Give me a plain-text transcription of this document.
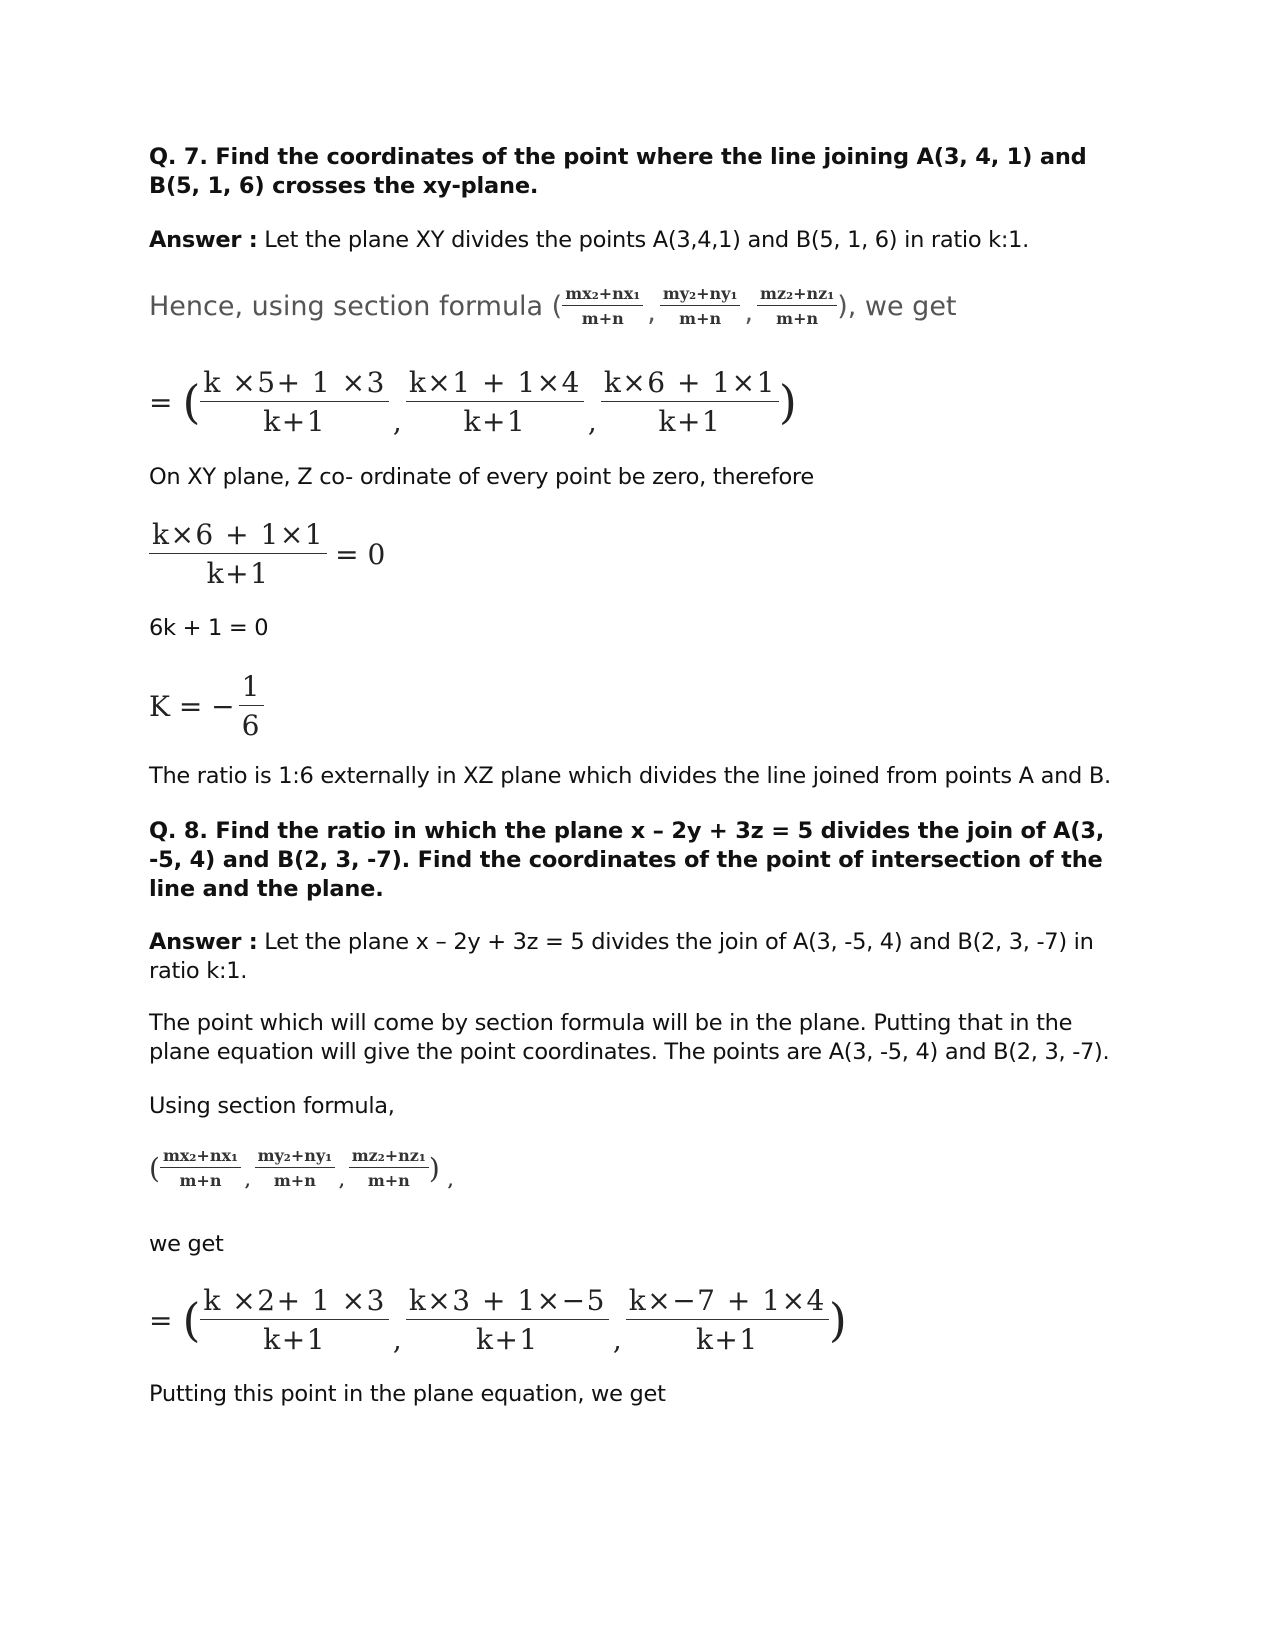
Q. 7. Find the coordinates of the point where the line joining A(3, 4, 1) and B(5, 1, 6) crosses the xy-plane.
Answer : Let the plane XY divides the points A(3,4,1) and B(5, 1, 6) in ratio k:1.
Hence, using section formula ( $\frac{\text{mx₂+nx₁}}{m+n}$ , $\frac{\text{my₂+ny₁}}{m+n}$ , $\frac{\text{mz₂+nz₁}}{m+n}$ ), we get
= ( $\frac{k \times 5+ 1 \times 3}{k+1}$ , $\frac{k\times 1 + 1\times 4}{k+1}$ , $\frac{k\times 6 + 1\times 1}{k+1}$ )
On XY plane, Z co- ordinate of every point be zero, therefore
$\frac{k\times 6 + 1\times 1}{k+1} = 0$
6k + 1 = 0
K = − $\frac{1}{6}$
The ratio is 1:6 externally in XZ plane which divides the line joined from points A and B.
Q. 8. Find the ratio in which the plane x – 2y + 3z = 5 divides the join of A(3, -5, 4) and B(2, 3, -7). Find the coordinates of the point of intersection of the line and the plane.
Answer : Let the plane x – 2y + 3z = 5 divides the join of A(3, -5, 4) and B(2, 3, -7) in ratio k:1.
The point which will come by section formula will be in the plane. Putting that in the plane equation will give the point coordinates. The points are A(3, -5, 4) and B(2, 3, -7).
Using section formula,
( $\frac{\text{mx₂+nx₁}}{m+n}$ , $\frac{\text{my₂+ny₁}}{m+n}$ , $\frac{\text{mz₂+nz₁}}{m+n}$ ) ,
we get
= ( $\frac{k \times 2+ 1 \times 3}{k+1}$ , $\frac{k\times 3 + 1\times-5}{k+1}$ , $\frac{k\times-7 + 1\times 4}{k+1}$ )
Putting this point in the plane equation, we get
